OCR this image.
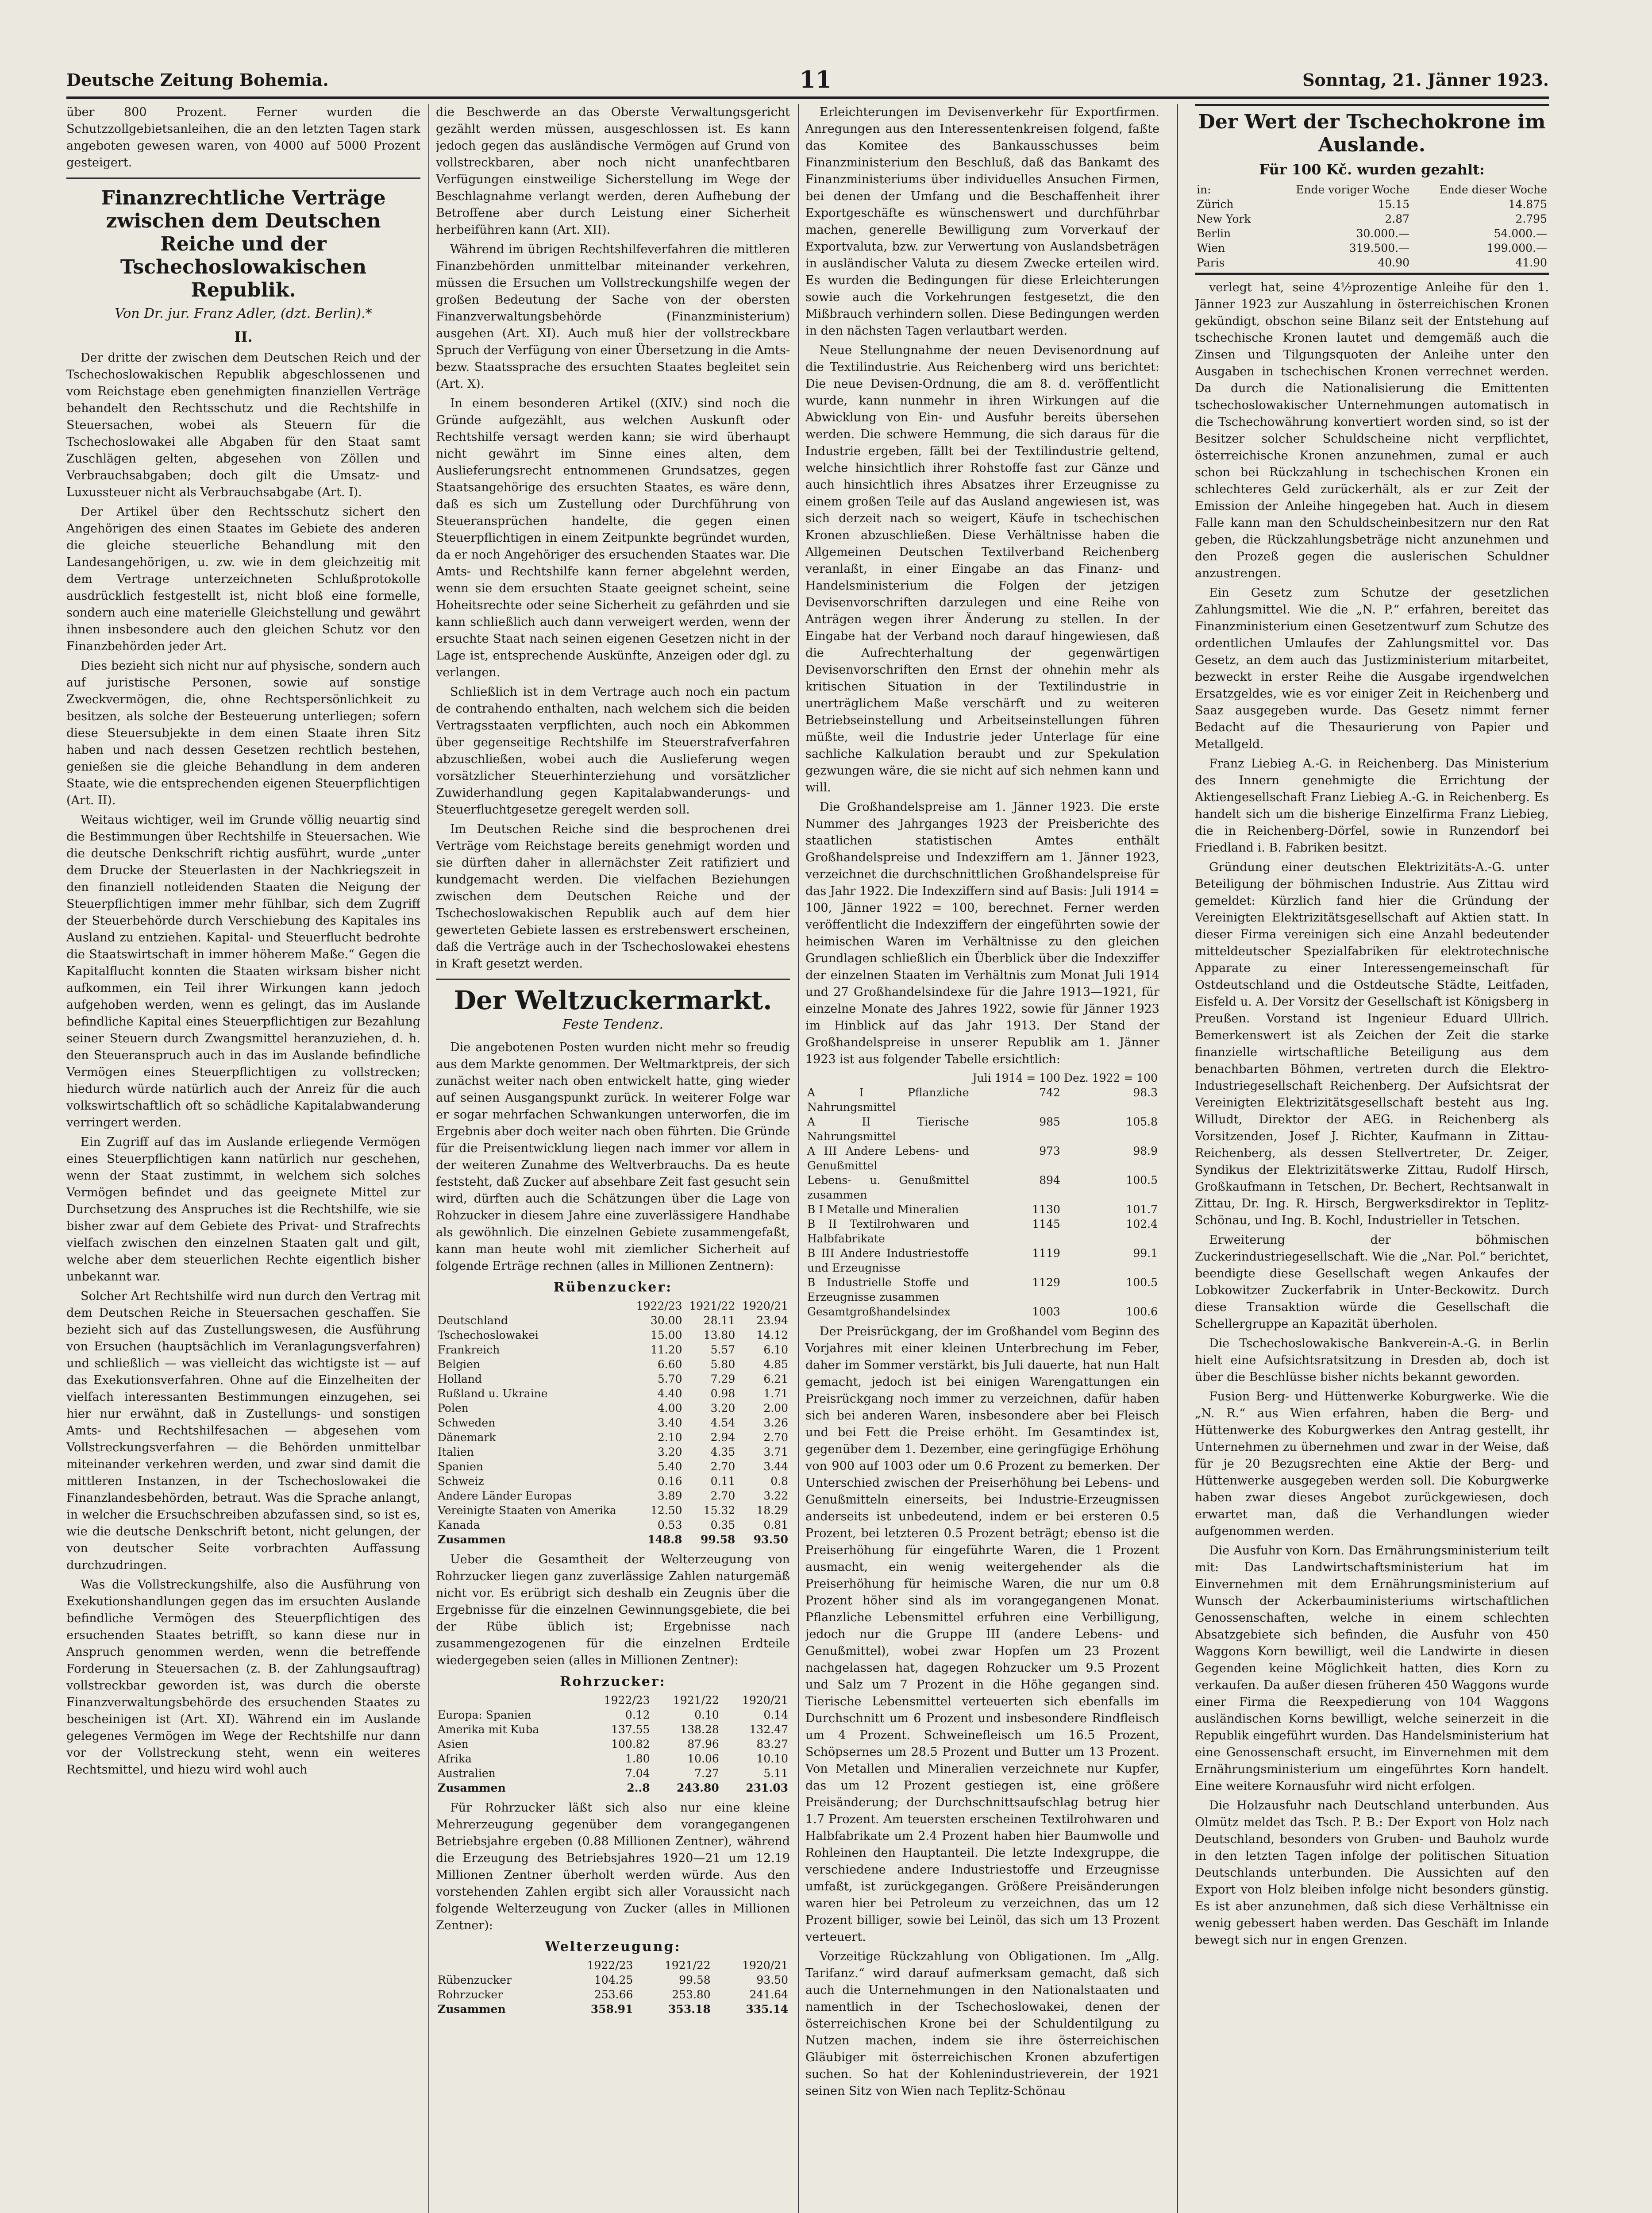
Deutsche Zeitung Bohemia.	11	Sonntag, 21. Jänner 1923.

über 800 Prozent. Ferner wurden die Schutzzollgebietsanleihen, die an den letzten Tagen stark angeboten gewesen waren, von 4000 auf 5000 Prozent gesteigert.

Finanzrechtliche Verträge zwischen dem Deutschen Reiche und der Tschechoslowakischen Republik.
Von Dr. jur. Franz Adler, (dzt. Berlin).*
II.

Der dritte der zwischen dem Deutschen Reich und der Tschechoslowakischen Republik abgeschlossenen und vom Reichstage eben genehmigten finanziellen Verträge behandelt den Rechtsschutz und die Rechtshilfe in Steuersachen, wobei als Steuern für die Tschechoslowakei alle Abgaben für den Staat samt Zuschlägen gelten, abgesehen von Zöllen und Verbrauchsabgaben; doch gilt die Umsatz- und Luxussteuer nicht als Verbrauchsabgabe (Art. I).

Der Artikel über den Rechtsschutz sichert den Angehörigen des einen Staates im Gebiete des anderen die gleiche steuerliche Behandlung mit den Landesangehörigen, u. zw. wie in dem gleichzeitig mit dem Vertrage unterzeichneten Schlußprotokolle ausdrücklich festgestellt ist, nicht bloß eine formelle, sondern auch eine materielle Gleichstellung und gewährt ihnen insbesondere auch den gleichen Schutz vor den Finanzbehörden jeder Art.

Dies bezieht sich nicht nur auf physische, sondern auch auf juristische Personen, sowie auf sonstige Zweckvermögen, die, ohne Rechtspersönlichkeit zu besitzen, als solche der Besteuerung unterliegen; sofern diese Steuersubjekte in dem einen Staate ihren Sitz haben und nach dessen Gesetzen rechtlich bestehen, genießen sie die gleiche Behandlung in dem anderen Staate, wie die entsprechenden eigenen Steuerpflichtigen (Art. II).

Weitaus wichtiger, weil im Grunde völlig neuartig sind die Bestimmungen über Rechtshilfe in Steuersachen. Wie die deutsche Denkschrift richtig ausführt, wurde „unter dem Drucke der Steuerlasten in der Nachkriegszeit in den finanziell notleidenden Staaten die Neigung der Steuerpflichtigen immer mehr fühlbar, sich dem Zugriff der Steuerbehörde durch Verschiebung des Kapitales ins Ausland zu entziehen. Kapital- und Steuerflucht bedrohte die Staatswirtschaft in immer höherem Maße.“ Gegen die Kapitalflucht konnten die Staaten wirksam bisher nicht aufkommen, ein Teil ihrer Wirkungen kann jedoch aufgehoben werden, wenn es gelingt, das im Auslande befindliche Kapital eines Steuerpflichtigen zur Bezahlung seiner Steuern durch Zwangsmittel heranzuziehen, d. h. den Steueranspruch auch in das im Auslande befindliche Vermögen eines Steuerpflichtigen zu vollstrecken; hiedurch würde natürlich auch der Anreiz für die auch volkswirtschaftlich oft so schädliche Kapitalabwanderung verringert werden.

Ein Zugriff auf das im Auslande erliegende Vermögen eines Steuerpflichtigen kann natürlich nur geschehen, wenn der Staat zustimmt, in welchem sich solches Vermögen befindet und das geeignete Mittel zur Durchsetzung des Anspruches ist die Rechtshilfe, wie sie bisher zwar auf dem Gebiete des Privat- und Strafrechts vielfach zwischen den einzelnen Staaten galt und gilt, welche aber dem steuerlichen Rechte eigentlich bisher unbekannt war.

Solcher Art Rechtshilfe wird nun durch den Vertrag mit dem Deutschen Reiche in Steuersachen geschaffen. Sie bezieht sich auf das Zustellungswesen, die Ausführung von Ersuchen (hauptsächlich im Veranlagungsverfahren) und schließlich — was vielleicht das wichtigste ist — auf das Exekutionsverfahren. Ohne auf die Einzelheiten der vielfach interessanten Bestimmungen einzugehen, sei hier nur erwähnt, daß in Zustellungs- und sonstigen Amts- und Rechtshilfesachen — abgesehen vom Vollstreckungsverfahren — die Behörden unmittelbar miteinander verkehren werden, und zwar sind damit die mittleren Instanzen, in der Tschechoslowakei die Finanzlandesbehörden, betraut. Was die Sprache anlangt, in welcher die Ersuchschreiben abzufassen sind, so ist es, wie die deutsche Denkschrift betont, nicht gelungen, der von deutscher Seite vorbrachten Auffassung durchzudringen.

Was die Vollstreckungshilfe, also die Ausführung von Exekutionshandlungen gegen das im ersuchten Auslande befindliche Vermögen des Steuerpflichtigen des ersuchenden Staates betrifft, so kann diese nur in Anspruch genommen werden, wenn die betreffende Forderung in Steuersachen (z. B. der Zahlungsauftrag) vollstreckbar geworden ist, was durch die oberste Finanzverwaltungsbehörde des ersuchenden Staates zu bescheinigen ist (Art. XI). Während ein im Auslande gelegenes Vermögen im Wege der Rechtshilfe nur dann vor der Vollstreckung steht, wenn ein weiteres Rechtsmittel, und hiezu wird wohl auch

die Beschwerde an das Oberste Verwaltungsgericht gezählt werden müssen, ausgeschlossen ist. Es kann jedoch gegen das ausländische Vermögen auf Grund von vollstreckbaren, aber noch nicht unanfechtbaren Verfügungen einstweilige Sicherstellung im Wege der Beschlagnahme verlangt werden, deren Aufhebung der Betroffene aber durch Leistung einer Sicherheit herbeiführen kann (Art. XII).

Während im übrigen Rechtshilfeverfahren die mittleren Finanzbehörden unmittelbar miteinander verkehren, müssen die Ersuchen um Vollstreckungshilfe wegen der großen Bedeutung der Sache von der obersten Finanzverwaltungsbehörde (Finanzministerium) ausgehen (Art. XI). Auch muß hier der vollstreckbare Spruch der Verfügung von einer Übersetzung in die Amts- bezw. Staatssprache des ersuchten Staates begleitet sein (Art. X).

In einem besonderen Artikel ((XIV.) sind noch die Gründe aufgezählt, aus welchen Auskunft oder Rechtshilfe versagt werden kann; sie wird überhaupt nicht gewährt im Sinne eines alten, dem Auslieferungsrecht entnommenen Grundsatzes, gegen Staatsangehörige des ersuchten Staates, es wäre denn, daß es sich um Zustellung oder Durchführung von Steueransprüchen handelte, die gegen einen Steuerpflichtigen in einem Zeitpunkte begründet wurden, da er noch Angehöriger des ersuchenden Staates war. Die Amts- und Rechtshilfe kann ferner abgelehnt werden, wenn sie dem ersuchten Staate geeignet scheint, seine Hoheitsrechte oder seine Sicherheit zu gefährden und sie kann schließlich auch dann verweigert werden, wenn der ersuchte Staat nach seinen eigenen Gesetzen nicht in der Lage ist, entsprechende Auskünfte, Anzeigen oder dgl. zu verlangen.

Schließlich ist in dem Vertrage auch noch ein pactum de contrahendo enthalten, nach welchem sich die beiden Vertragsstaaten verpflichten, auch noch ein Abkommen über gegenseitige Rechtshilfe im Steuerstrafverfahren abzuschließen, wobei auch die Auslieferung wegen vorsätzlicher Steuerhinterziehung und vorsätzlicher Zuwiderhandlung gegen Kapitalabwanderungs- und Steuerfluchtgesetze geregelt werden soll.

Im Deutschen Reiche sind die besprochenen drei Verträge vom Reichstage bereits genehmigt worden und sie dürften daher in allernächster Zeit ratifiziert und kundgemacht werden. Die vielfachen Beziehungen zwischen dem Deutschen Reiche und der Tschechoslowakischen Republik auch auf dem hier gewerteten Gebiete lassen es erstrebenswert erscheinen, daß die Verträge auch in der Tschechoslowakei ehestens in Kraft gesetzt werden.

Der Weltzuckermarkt.
Feste Tendenz.

Die angebotenen Posten wurden nicht mehr so freudig aus dem Markte genommen. Der Weltmarktpreis, der sich zunächst weiter nach oben entwickelt hatte, ging wieder auf seinen Ausgangspunkt zurück. In weiterer Folge war er sogar mehrfachen Schwankungen unterworfen, die im Ergebnis aber doch weiter nach oben führten. Die Gründe für die Preisentwicklung liegen nach immer vor allem in der weiteren Zunahme des Weltverbrauchs. Da es heute feststeht, daß Zucker auf absehbare Zeit fast gesucht sein wird, dürften auch die Schätzungen über die Lage von Rohzucker in diesem Jahre eine zuverlässigere Handhabe als gewöhnlich. Die einzelnen Gebiete zusammengefaßt, kann man heute wohl mit ziemlicher Sicherheit auf folgende Erträge rechnen (alles in Millionen Zentnern):

Rübenzucker:
	1922/23	1921/22	1920/21
Deutschland	30.00	28.11	23.94
Tschechoslowakei	15.00	13.80	14.12
Frankreich	11.20	5.57	6.10
Belgien	6.60	5.80	4.85
Holland	5.70	7.29	6.21
Rußland u. Ukraine	4.40	0.98	1.71
Polen	4.00	3.20	2.00
Schweden	3.40	4.54	3.26
Dänemark	2.10	2.94	2.70
Italien	3.20	4.35	3.71
Spanien	5.40	2.70	3.44
Schweiz	0.16	0.11	0.8
Andere Länder Europas	3.89	2.70	3.22
Vereinigte Staaten von Amerika	12.50	15.32	18.29
Kanada	0.53	0.35	0.81
Zusammen	148.8	99.58	93.50

Ueber die Gesamtheit der Welterzeugung von Rohrzucker liegen ganz zuverlässige Zahlen naturgemäß nicht vor. Es erübrigt sich deshalb ein Zeugnis über die Ergebnisse für die einzelnen Gewinnungsgebiete, die bei der Rübe üblich ist; Ergebnisse nach zusammengezogenen für die einzelnen Erdteile wiedergegeben seien (alles in Millionen Zentner):

Rohrzucker:
	1922/23	1921/22	1920/21
Europa: Spanien	0.12	0.10	0.14
Amerika mit Kuba	137.55	138.28	132.47
Asien	100.82	87.96	83.27
Afrika	1.80	10.06	10.10
Australien	7.04	7.27	5.11
Zusammen	2..8	243.80	231.03

Für Rohrzucker läßt sich also nur eine kleine Mehrerzeugung gegenüber dem vorangegangenen Betriebsjahre ergeben (0.88 Millionen Zentner), während die Erzeugung des Betriebsjahres 1920—21 um 12.19 Millionen Zentner überholt werden würde. Aus den vorstehenden Zahlen ergibt sich aller Voraussicht nach folgende Welterzeugung von Zucker (alles in Millionen Zentner):

Welterzeugung:
	1922/23	1921/22	1920/21
Rübenzucker	104.25	99.58	93.50
Rohrzucker	253.66	253.80	241.64
Zusammen	358.91	353.18	335.14

Erleichterungen im Devisenverkehr für Exportfirmen. Anregungen aus den Interessentenkreisen folgend, faßte das Komitee des Bankausschusses beim Finanzministerium den Beschluß, daß das Bankamt des Finanzministeriums über individuelles Ansuchen Firmen, bei denen der Umfang und die Beschaffenheit ihrer Exportgeschäfte es wünschenswert und durchführbar machen, generelle Bewilligung zum Vorverkauf der Exportvaluta, bzw. zur Verwertung von Auslandsbeträgen in ausländischer Valuta zu diesem Zwecke erteilen wird. Es wurden die Bedingungen für diese Erleichterungen sowie auch die Vorkehrungen festgesetzt, die den Mißbrauch verhindern sollen. Diese Bedingungen werden in den nächsten Tagen verlautbart werden.

Neue Stellungnahme der neuen Devisenordnung auf die Textilindustrie. Aus Reichenberg wird uns berichtet: Die neue Devisen-Ordnung, die am 8. d. veröffentlicht wurde, kann nunmehr in ihren Wirkungen auf die Abwicklung von Ein- und Ausfuhr bereits übersehen werden. Die schwere Hemmung, die sich daraus für die Industrie ergeben, fällt bei der Textilindustrie geltend, welche hinsichtlich ihrer Rohstoffe fast zur Gänze und auch hinsichtlich ihres Absatzes ihrer Erzeugnisse zu einem großen Teile auf das Ausland angewiesen ist, was sich derzeit nach so weigert, Käufe in tschechischen Kronen abzuschließen. Diese Verhältnisse haben die Allgemeinen Deutschen Textilverband Reichenberg veranlaßt, in einer Eingabe an das Finanz- und Handelsministerium die Folgen der jetzigen Devisenvorschriften darzulegen und eine Reihe von Anträgen wegen ihrer Änderung zu stellen. In der Eingabe hat der Verband noch darauf hingewiesen, daß die Aufrechterhaltung der gegenwärtigen Devisenvorschriften den Ernst der ohnehin mehr als kritischen Situation in der Textilindustrie in unerträglichem Maße verschärft und zu weiteren Betriebseinstellung und Arbeitseinstellungen führen müßte, weil die Industrie jeder Unterlage für eine sachliche Kalkulation beraubt und zur Spekulation gezwungen wäre, die sie nicht auf sich nehmen kann und will.

Die Großhandelspreise am 1. Jänner 1923. Die erste Nummer des Jahrganges 1923 der Preisberichte des staatlichen statistischen Amtes enthält Großhandelspreise und Indexziffern am 1. Jänner 1923, verzeichnet die durchschnittlichen Großhandelspreise für das Jahr 1922. Die Indexziffern sind auf Basis: Juli 1914 = 100, Jänner 1922 = 100, berechnet. Ferner werden veröffentlicht die Indexziffern der eingeführten sowie der heimischen Waren im Verhältnisse zu den gleichen Grundlagen schließlich ein Überblick über die Indexziffer der einzelnen Staaten im Verhältnis zum Monat Juli 1914 und 27 Großhandelsindexe für die Jahre 1913—1921, für einzelne Monate des Jahres 1922, sowie für Jänner 1923 im Hinblick auf das Jahr 1913. Der Stand der Großhandelspreise in unserer Republik am 1. Jänner 1923 ist aus folgender Tabelle ersichtlich:

	Juli 1914 = 100	Dez. 1922 = 100
A I Pflanzliche Nahrungsmittel	742	98.3
A II Tierische Nahrungsmittel	985	105.8
A III Andere Lebens- und Genußmittel	973	98.9
Lebens- u. Genußmittel zusammen	894	100.5
B I Metalle und Mineralien	1130	101.7
B II Textilrohwaren und Halbfabrikate	1145	102.4
B III Andere Industriestoffe und Erzeugnisse	1119	99.1
B Industrielle Stoffe und Erzeugnisse zusammen	1129	100.5
Gesamtgroßhandelsindex	1003	100.6

Der Preisrückgang, der im Großhandel vom Beginn des Vorjahres mit einer kleinen Unterbrechung im Feber, daher im Sommer verstärkt, bis Juli dauerte, hat nun Halt gemacht, jedoch ist bei einigen Warengattungen ein Preisrückgang noch immer zu verzeichnen, dafür haben sich bei anderen Waren, insbesondere aber bei Fleisch und bei Fett die Preise erhöht. Im Gesamtindex ist, gegenüber dem 1. Dezember, eine geringfügige Erhöhung von 900 auf 1003 oder um 0.6 Prozent zu bemerken. Der Unterschied zwischen der Preiserhöhung bei Lebens- und Genußmitteln einerseits, bei Industrie-Erzeugnissen anderseits ist unbedeutend, indem er bei ersteren 0.5 Prozent, bei letzteren 0.5 Prozent beträgt; ebenso ist die Preiserhöhung für eingeführte Waren, die 1 Prozent ausmacht, ein wenig weitergehender als die Preiserhöhung für heimische Waren, die nur um 0.8 Prozent höher sind als im vorangegangenen Monat. Pflanzliche Lebensmittel erfuhren eine Verbilligung, jedoch nur die Gruppe III (andere Lebens- und Genußmittel), wobei zwar Hopfen um 23 Prozent nachgelassen hat, dagegen Rohzucker um 9.5 Prozent und Salz um 7 Prozent in die Höhe gegangen sind. Tierische Lebensmittel verteuerten sich ebenfalls im Durchschnitt um 6 Prozent und insbesondere Rindfleisch um 4 Prozent. Schweinefleisch um 16.5 Prozent, Schöpsernes um 28.5 Prozent und Butter um 13 Prozent. Von Metallen und Mineralien verzeichnete nur Kupfer, das um 12 Prozent gestiegen ist, eine größere Preisänderung; der Durchschnittsaufschlag betrug hier 1.7 Prozent. Am teuersten erscheinen Textilrohwaren und Halbfabrikate um 2.4 Prozent haben hier Baumwolle und Rohleinen den Hauptanteil. Die letzte Indexgruppe, die verschiedene andere Industriestoffe und Erzeugnisse umfaßt, ist zurückgegangen. Größere Preisänderungen waren hier bei Petroleum zu verzeichnen, das um 12 Prozent billiger, sowie bei Leinöl, das sich um 13 Prozent verteuert.

Vorzeitige Rückzahlung von Obligationen. Im „Allg. Tarifanz.“ wird darauf aufmerksam gemacht, daß sich auch die Unternehmungen in den Nationalstaaten und namentlich in der Tschechoslowakei, denen der österreichischen Krone bei der Schuldentilgung zu Nutzen machen, indem sie ihre österreichischen Gläubiger mit österreichischen Kronen abzufertigen suchen. So hat der Kohlenindustrieverein, der 1921 seinen Sitz von Wien nach Teplitz-Schönau

Der Wert der Tschechokrone im Auslande.
Für 100 Kč. wurden gezahlt:
in:	Ende voriger Woche	Ende dieser Woche
Zürich	15.15	14.875
New York	2.87	2.795
Berlin	30.000.—	54.000.—
Wien	319.500.—	199.000.—
Paris	40.90	41.90

verlegt hat, seine 4½prozentige Anleihe für den 1. Jänner 1923 zur Auszahlung in österreichischen Kronen gekündigt, obschon seine Bilanz seit der Entstehung auf tschechische Kronen lautet und demgemäß auch die Zinsen und Tilgungsquoten der Anleihe unter den Ausgaben in tschechischen Kronen verrechnet werden. Da durch die Nationalisierung die Emittenten tschechoslowakischer Unternehmungen automatisch in die Tschechowährung konvertiert worden sind, so ist der Besitzer solcher Schuldscheine nicht verpflichtet, österreichische Kronen anzunehmen, zumal er auch schon bei Rückzahlung in tschechischen Kronen ein schlechteres Geld zurückerhält, als er zur Zeit der Emission der Anleihe hingegeben hat. Auch in diesem Falle kann man den Schuldscheinbesitzern nur den Rat geben, die Rückzahlungsbeträge nicht anzunehmen und den Prozeß gegen die auslerischen Schuldner anzustrengen.

Ein Gesetz zum Schutze der gesetzlichen Zahlungsmittel. Wie die „N. P.“ erfahren, bereitet das Finanzministerium einen Gesetzentwurf zum Schutze des ordentlichen Umlaufes der Zahlungsmittel vor. Das Gesetz, an dem auch das Justizministerium mitarbeitet, bezweckt in erster Reihe die Ausgabe irgendwelchen Ersatzgeldes, wie es vor einiger Zeit in Reichenberg und Saaz ausgegeben wurde. Das Gesetz nimmt ferner Bedacht auf die Thesaurierung von Papier und Metallgeld.

Franz Liebieg A.-G. in Reichenberg. Das Ministerium des Innern genehmigte die Errichtung der Aktiengesellschaft Franz Liebieg A.-G. in Reichenberg. Es handelt sich um die bisherige Einzelfirma Franz Liebieg, die in Reichenberg-Dörfel, sowie in Runzendorf bei Friedland i. B. Fabriken besitzt.

Gründung einer deutschen Elektrizitäts-A.-G. unter Beteiligung der böhmischen Industrie. Aus Zittau wird gemeldet: Kürzlich fand hier die Gründung der Vereinigten Elektrizitätsgesellschaft auf Aktien statt. In dieser Firma vereinigen sich eine Anzahl bedeutender mitteldeutscher Spezialfabriken für elektrotechnische Apparate zu einer Interessengemeinschaft für Ostdeutschland und die Ostdeutsche Städte, Leitfaden, Eisfeld u. A. Der Vorsitz der Gesellschaft ist Königsberg in Preußen. Vorstand ist Ingenieur Eduard Ullrich. Bemerkenswert ist als Zeichen der Zeit die starke finanzielle wirtschaftliche Beteiligung aus dem benachbarten Böhmen, vertreten durch die Elektro-Industriegesellschaft Reichenberg. Der Aufsichtsrat der Vereinigten Elektrizitätsgesellschaft besteht aus Ing. Willudt, Direktor der AEG. in Reichenberg als Vorsitzenden, Josef J. Richter, Kaufmann in Zittau-Reichenberg, als dessen Stellvertreter, Dr. Zeiger, Syndikus der Elektrizitätswerke Zittau, Rudolf Hirsch, Großkaufmann in Tetschen, Dr. Bechert, Rechtsanwalt in Zittau, Dr. Ing. R. Hirsch, Bergwerksdirektor in Teplitz-Schönau, und Ing. B. Kochl, Industrieller in Tetschen.

Erweiterung der böhmischen Zuckerindustriegesellschaft. Wie die „Nar. Pol.“ berichtet, beendigte diese Gesellschaft wegen Ankaufes der Lobkowitzer Zuckerfabrik in Unter-Beckowitz. Durch diese Transaktion würde die Gesellschaft die Schellergruppe an Kapazität überholen.

Die Tschechoslowakische Bankverein-A.-G. in Berlin hielt eine Aufsichtsratsitzung in Dresden ab, doch ist über die Beschlüsse bisher nichts bekannt geworden.

Fusion Berg- und Hüttenwerke Koburgwerke. Wie die „N. R.“ aus Wien erfahren, haben die Berg- und Hüttenwerke des Koburgwerkes den Antrag gestellt, ihr Unternehmen zu übernehmen und zwar in der Weise, daß für je 20 Bezugsrechten eine Aktie der Berg- und Hüttenwerke ausgegeben werden soll. Die Koburgwerke haben zwar dieses Angebot zurückgewiesen, doch erwartet man, daß die Verhandlungen wieder aufgenommen werden.

Die Ausfuhr von Korn. Das Ernährungsministerium teilt mit: Das Landwirtschaftsministerium hat im Einvernehmen mit dem Ernährungsministerium auf Wunsch der Ackerbauministeriums wirtschaftlichen Genossenschaften, welche in einem schlechten Absatzgebiete sich befinden, die Ausfuhr von 450 Waggons Korn bewilligt, weil die Landwirte in diesen Gegenden keine Möglichkeit hatten, dies Korn zu verkaufen. Da außer diesen früheren 450 Waggons wurde einer Firma die Reexpedierung von 104 Waggons ausländischen Korns bewilligt, welche seinerzeit in die Republik eingeführt wurden. Das Handelsministerium hat eine Genossenschaft ersucht, im Einvernehmen mit dem Ernährungsministerium um eingeführtes Korn handelt. Eine weitere Kornausfuhr wird nicht erfolgen.

Die Holzausfuhr nach Deutschland unterbunden. Aus Olmütz meldet das Tsch. P. B.: Der Export von Holz nach Deutschland, besonders von Gruben- und Bauholz wurde in den letzten Tagen infolge der politischen Situation Deutschlands unterbunden. Die Aussichten auf den Export von Holz bleiben infolge nicht besonders günstig. Es ist aber anzunehmen, daß sich diese Verhältnisse ein wenig gebessert haben werden. Das Geschäft im Inlande bewegt sich nur in engen Grenzen.
